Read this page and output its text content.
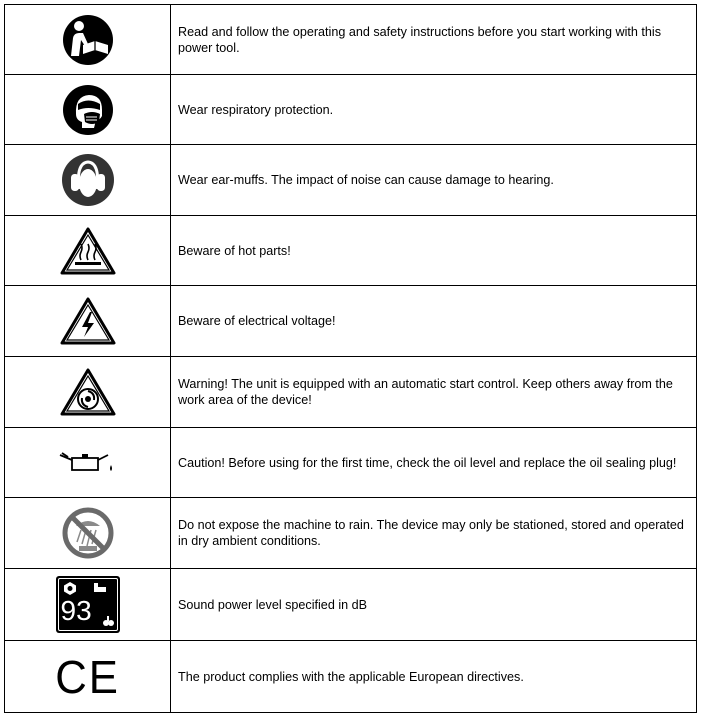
	Read and follow the operating and safety instructions before you start working with this power tool.

	Wear respiratory protection.

	Wear ear-muffs. The impact of noise can cause damage to hearing.

	Beware of hot parts!

	Beware of electrical voltage!

	Warning! The unit is equipped with an automatic start control. Keep others away from the work area of the device!

	Caution! Before using for the first time, check the oil level and replace the oil sealing plug!

	Do not expose the machine to rain. The device may only be stationed, stored and operated in dry ambient conditions.

93	Sound power level specified in dB

CE	The product complies with the applicable European directives.
